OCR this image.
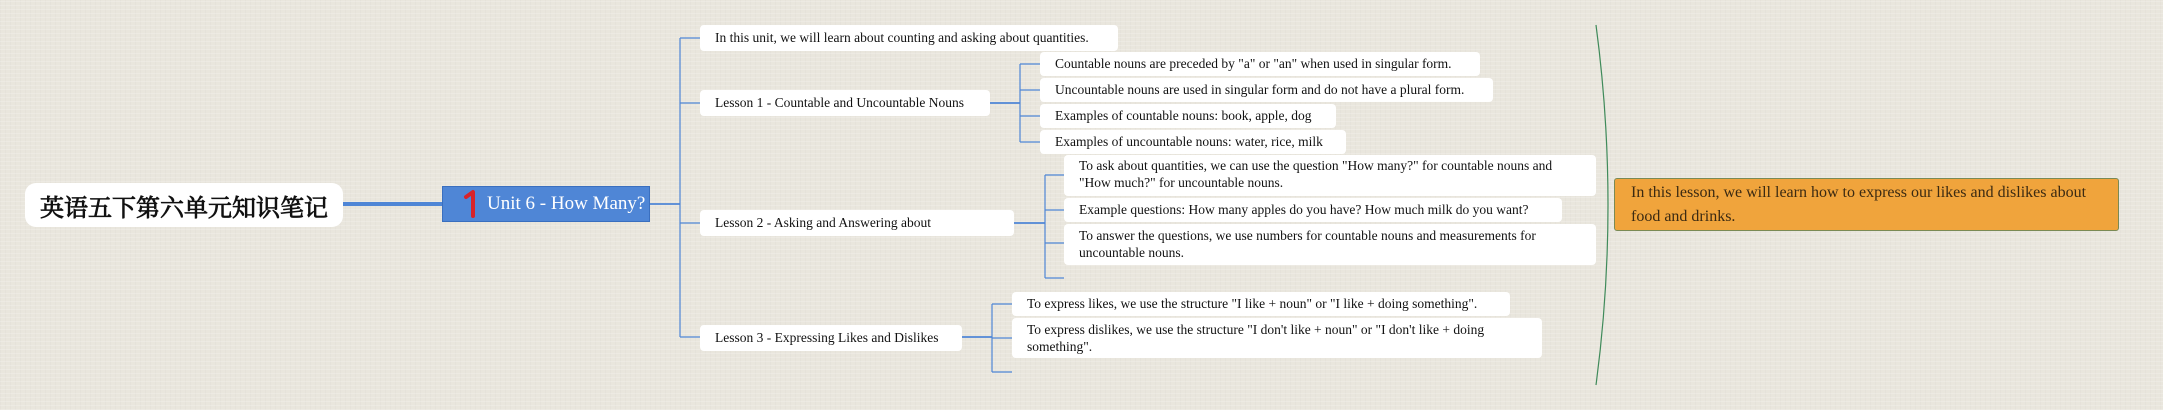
英语五下第六单元知识笔记	Unit 6 - How Many?
In this unit, we will learn about counting and asking about quantities.
Lesson 1 - Countable and Uncountable Nouns
Countable nouns are preceded by "a" or "an" when used in singular form.
Uncountable nouns are used in singular form and do not have a plural form.
Examples of countable nouns: book, apple, dog
Examples of uncountable nouns: water, rice, milk
Lesson 2 - Asking and Answering about
To ask about quantities, we can use the question "How many?" for countable nouns and "How much?" for uncountable nouns.
Example questions: How many apples do you have? How much milk do you want?
To answer the questions, we use numbers for countable nouns and measurements for uncountable nouns.
Lesson 3 - Expressing Likes and Dislikes
To express likes, we use the structure "I like + noun" or "I like + doing something".
To express dislikes, we use the structure "I don't like + noun" or "I don't like + doing something".
In this lesson, we will learn how to express our likes and dislikes about food and drinks.
